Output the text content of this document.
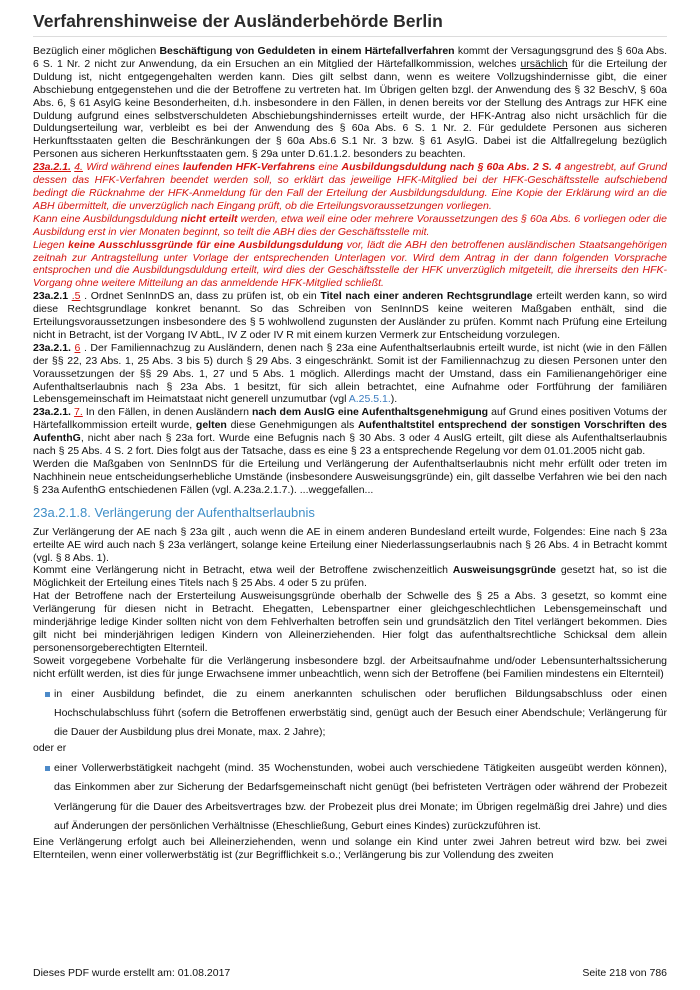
Verfahrenshinweise der Ausländerbehörde Berlin

Bezüglich einer möglichen Beschäftigung von Geduldeten in einem Härtefallverfahren kommt der Versagungsgrund des § 60a Abs. 6 S. 1 Nr. 2 nicht zur Anwendung, da ein Ersuchen an ein Mitglied der Härtefallkommission, welches ursächlich für die Erteilung der Duldung ist, nicht entgegengehalten werden kann. Dies gilt selbst dann, wenn es weitere Vollzugshindernisse gibt, die einer Abschiebung entgegenstehen und die der Betroffene zu vertreten hat. Im Übrigen gelten bzgl. der Anwendung des § 32 BeschV, § 60a Abs. 6, § 61 AsylG keine Besonderheiten, d.h. insbesondere in den Fällen, in denen bereits vor der Stellung des Antrags zur HFK eine Duldung aufgrund eines selbstverschuldeten Abschiebungshindernisses erteilt wurde, der HFK-Antrag also nicht ursächlich für die Duldungserteilung war, verbleibt es bei der Anwendung des § 60a Abs. 6 S. 1 Nr. 2. Für geduldete Personen aus sicheren Herkunftsstaaten gelten die Beschränkungen der § 60a Abs.6 S.1 Nr. 3 bzw. § 61 AsylG. Dabei ist die Altfallregelung bezüglich Personen aus sicheren Herkunftsstaaten gem. § 29a unter D.61.1.2. besonders zu beachten.

23a.2.1. 4. Wird während eines laufenden HFK-Verfahrens eine Ausbildungsduldung nach § 60a Abs. 2 S. 4 angestrebt, auf Grund dessen das HFK-Verfahren beendet werden soll, so erklärt das jeweilige HFK-Mitglied bei der HFK-Geschäftsstelle aufschiebend bedingt die Rücknahme der HFK-Anmeldung für den Fall der Erteilung der Ausbildungsduldung. Eine Kopie der Erklärung wird an die ABH übermittelt, die unverzüglich nach Eingang prüft, ob die Erteilungsvoraussetzungen vorliegen.

Kann eine Ausbildungsduldung nicht erteilt werden, etwa weil eine oder mehrere Voraussetzungen des § 60a Abs. 6 vorliegen oder die Ausbildung erst in vier Monaten beginnt, so teilt die ABH dies der Geschäftsstelle mit.

Liegen keine Ausschlussgründe für eine Ausbildungsduldung vor, lädt die ABH den betroffenen ausländischen Staatsangehörigen zeitnah zur Antragstellung unter Vorlage der entsprechenden Unterlagen vor. Wird dem Antrag in der dann folgenden Vorsprache entsprochen und die Ausbildungsduldung erteilt, wird dies der Geschäftsstelle der HFK unverzüglich mitgeteilt, die ihrerseits den HFK-Vorgang ohne weitere Mitteilung an das anmeldende HFK-Mitglied schließt.

23a.2.1 .5 . Ordnet SenInnDS an, dass zu prüfen ist, ob ein Titel nach einer anderen Rechtsgrundlage erteilt werden kann, so wird diese Rechtsgrundlage konkret benannt. So das Schreiben von SenInnDS keine weiteren Maßgaben enthält, sind die Erteilungsvoraussetzungen insbesondere des § 5 wohlwollend zugunsten der Ausländer zu prüfen. Kommt nach Prüfung eine Erteilung nicht in Betracht, ist der Vorgang IV AbtL, IV Z oder IV R mit einem kurzen Vermerk zur Entscheidung vorzulegen.

23a.2.1. 6 . Der Familiennachzug zu Ausländern, denen nach § 23a eine Aufenthaltserlaubnis erteilt wurde, ist nicht (wie in den Fällen der §§ 22, 23 Abs. 1, 25 Abs. 3 bis 5) durch § 29 Abs. 3 eingeschränkt. Somit ist der Familiennachzug zu diesen Personen unter den Voraussetzungen der §§ 29 Abs. 1, 27 und 5 Abs. 1 möglich. Allerdings macht der Umstand, dass ein Familienangehöriger eine Aufenthaltserlaubnis nach § 23a Abs. 1 besitzt, für sich allein betrachtet, eine Aufnahme oder Fortführung der familiären Lebensgemeinschaft im Heimatstaat nicht generell unzumutbar (vgl A.25.5.1.).

23a.2.1. 7. In den Fällen, in denen Ausländern nach dem AuslG eine Aufenthaltsgenehmigung auf Grund eines positiven Votums der Härtefallkommission erteilt wurde, gelten diese Genehmigungen als Aufenthaltstitel entsprechend der sonstigen Vorschriften des AufenthG, nicht aber nach § 23a fort. Wurde eine Befugnis nach § 30 Abs. 3 oder 4 AuslG erteilt, gilt diese als Aufenthaltserlaubnis nach § 25 Abs. 4 S. 2 fort. Dies folgt aus der Tatsache, dass es eine § 23 a entsprechende Regelung vor dem 01.01.2005 nicht gab.

Werden die Maßgaben von SenInnDS für die Erteilung und Verlängerung der Aufenthaltserlaubnis nicht mehr erfüllt oder treten im Nachhinein neue entscheidungserhebliche Umstände (insbesondere Ausweisungsgründe) ein, gilt dasselbe Verfahren wie bei den nach § 23a AufenthG entschiedenen Fällen (vgl. A.23a.2.1.7.). ...weggefallen...

23a.2.1.8. Verlängerung der Aufenthaltserlaubnis

Zur Verlängerung der AE nach § 23a gilt , auch wenn die AE in einem anderen Bundesland erteilt wurde, Folgendes: Eine nach § 23a erteilte AE wird auch nach § 23a verlängert, solange keine Erteilung einer Niederlassungserlaubnis nach § 26 Abs. 4 in Betracht kommt (vgl. § 8 Abs. 1).

Kommt eine Verlängerung nicht in Betracht, etwa weil der Betroffene zwischenzeitlich Ausweisungsgründe gesetzt hat, so ist die Möglichkeit der Erteilung eines Titels nach § 25 Abs. 4 oder 5 zu prüfen.

Hat der Betroffene nach der Ersterteilung Ausweisungsgründe oberhalb der Schwelle des § 25 a Abs. 3 gesetzt, so kommt eine Verlängerung für diesen nicht in Betracht. Ehegatten, Lebenspartner einer gleichgeschlechtlichen Lebensgemeinschaft und minderjährige ledige Kinder sollten nicht von dem Fehlverhalten betroffen sein und grundsätzlich den Titel verlängert bekommen. Dies gilt nicht bei minderjährigen ledigen Kindern von Alleinerziehenden. Hier folgt das aufenthaltsrechtliche Schicksal dem allein personensorgeberechtigten Elternteil.

Soweit vorgegebene Vorbehalte für die Verlängerung insbesondere bzgl. der Arbeitsaufnahme und/oder Lebensunterhaltssicherung nicht erfüllt werden, ist dies für junge Erwachsene immer unbeachtlich, wenn sich der Betroffene (bei Familien mindestens ein Elternteil)

in einer Ausbildung befindet, die zu einem anerkannten schulischen oder beruflichen Bildungsabschluss oder einen Hochschulabschluss führt (sofern die Betroffenen erwerbstätig sind, genügt auch der Besuch einer Abendschule; Verlängerung für die Dauer der Ausbildung plus drei Monate, max. 2 Jahre);

oder er

einer Vollerwerbstätigkeit nachgeht (mind. 35 Wochenstunden, wobei auch verschiedene Tätigkeiten ausgeübt werden können), das Einkommen aber zur Sicherung der Bedarfsgemeinschaft nicht genügt (bei befristeten Verträgen oder während der Probezeit Verlängerung für die Dauer des Arbeitsvertrages bzw. der Probezeit plus drei Monate; im Übrigen regelmäßig drei Jahre) und dies auf Änderungen der persönlichen Verhältnisse (Eheschließung, Geburt eines Kindes) zurückzuführen ist.

Eine Verlängerung erfolgt auch bei Alleinerziehenden, wenn und solange ein Kind unter zwei Jahren betreut wird bzw. bei zwei Elternteilen, wenn einer vollerwerbstätig ist (zur Begrifflichkeit s.o.; Verlängerung bis zur Vollendung des zweiten

Dieses PDF wurde erstellt am: 01.08.2017	Seite 218 von 786
